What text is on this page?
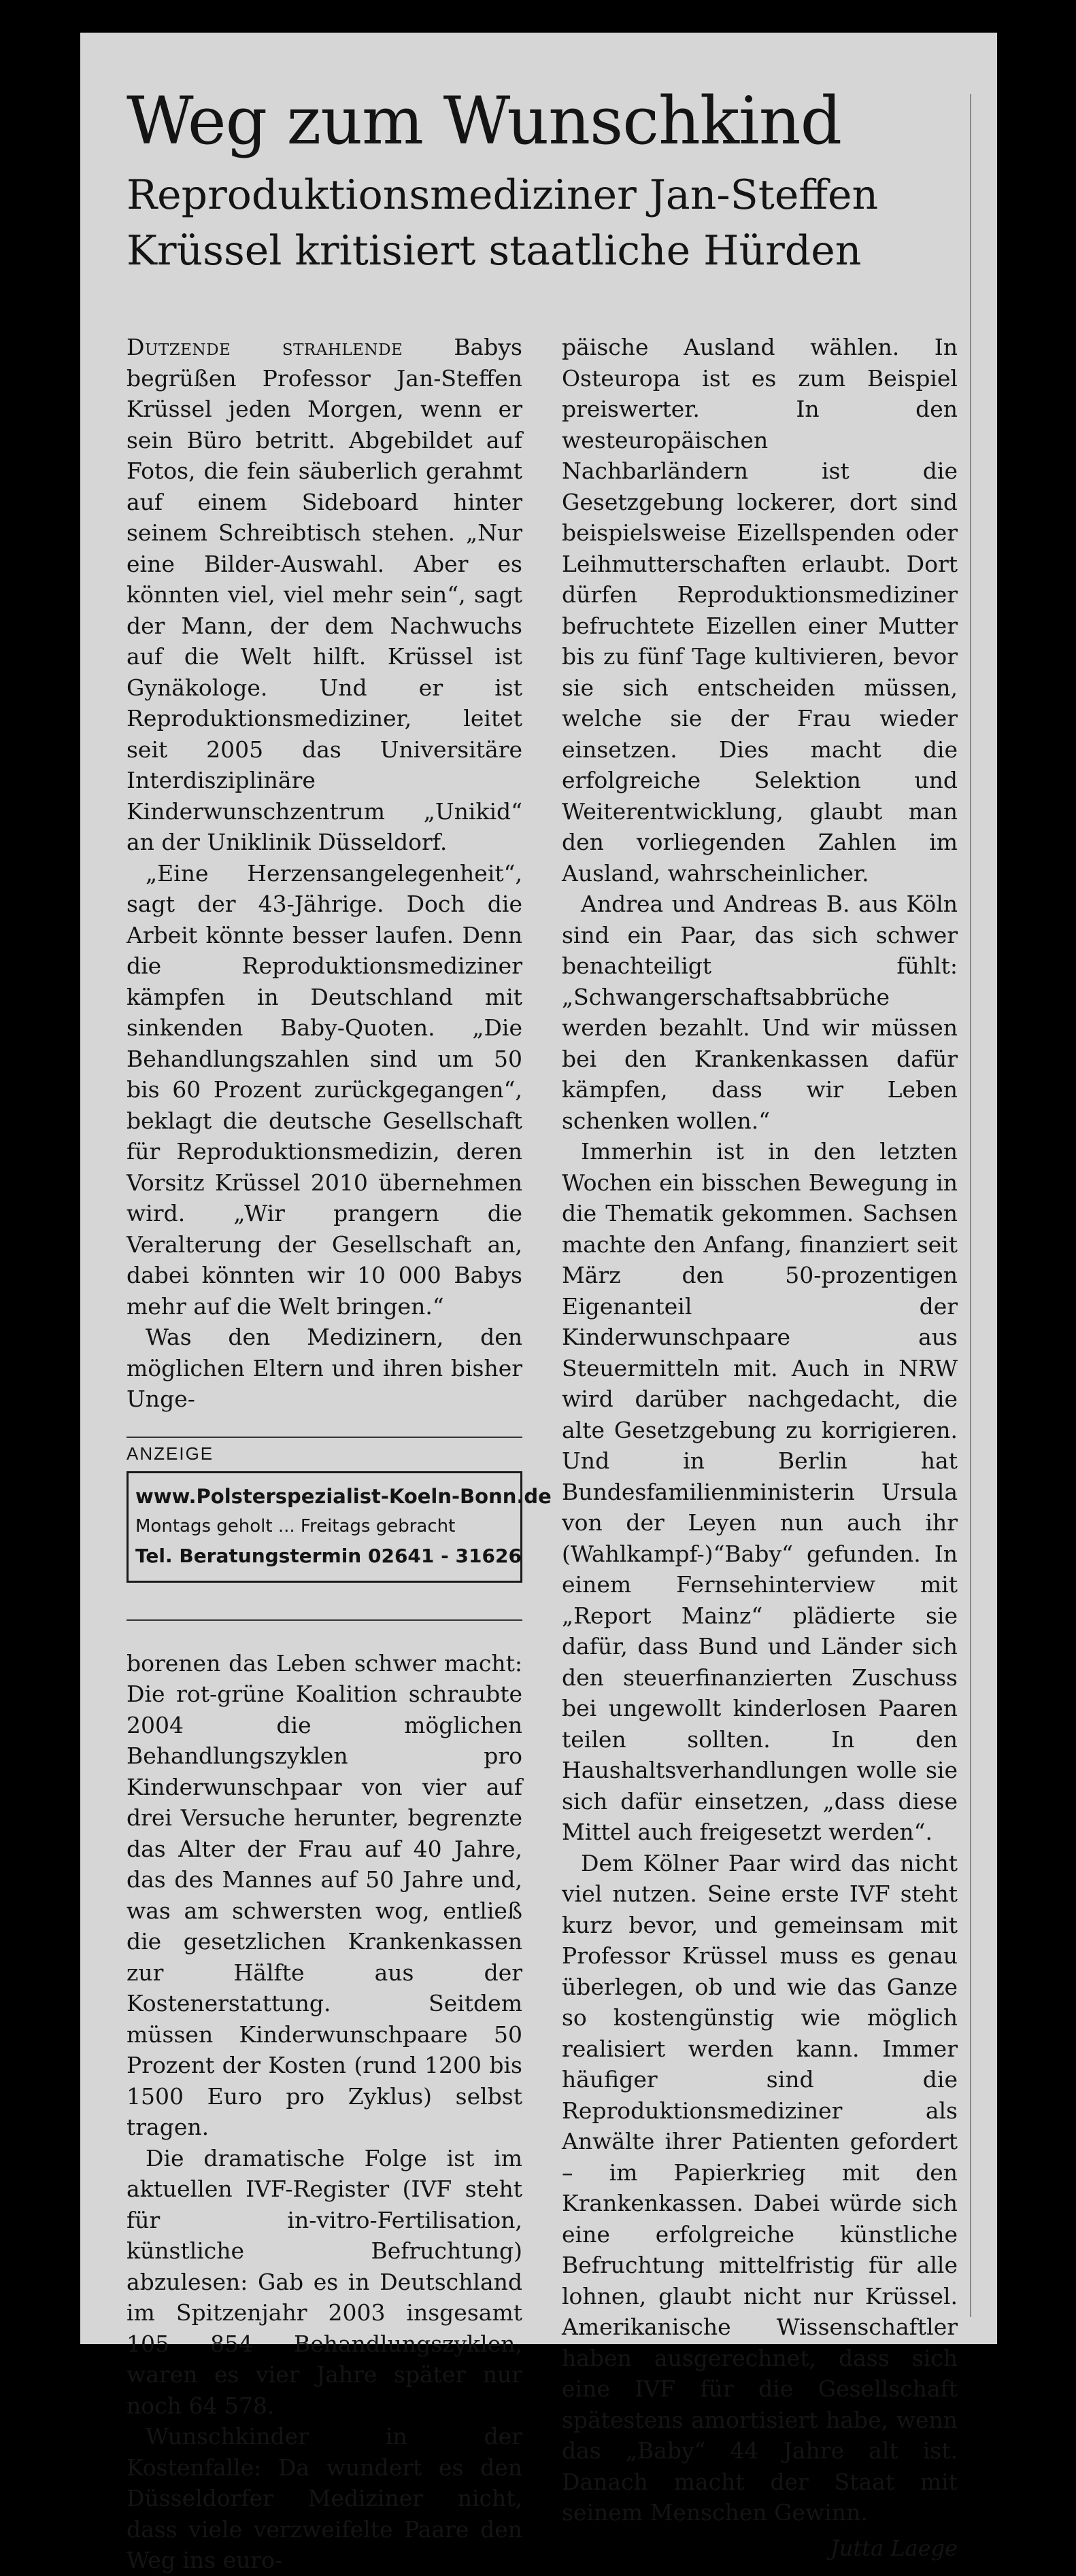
Weg zum Wunschkind
Reproduktionsmediziner Jan-Steffen
Krüssel kritisiert staatliche Hürden

Dutzende strahlende Babys begrüßen Professor Jan-Steffen Krüssel jeden Morgen, wenn er sein Büro betritt. Abgebildet auf Fotos, die fein säuberlich gerahmt auf einem Sideboard hinter seinem Schreibtisch stehen. „Nur eine Bilder-Auswahl. Aber es könnten viel, viel mehr sein“, sagt der Mann, der dem Nachwuchs auf die Welt hilft. Krüssel ist Gynäkologe. Und er ist Reproduktionsmediziner, leitet seit 2005 das Universitäre Interdisziplinäre Kinderwunschzentrum „Unikid“ an der Uniklinik Düsseldorf.

„Eine Herzensangelegenheit“, sagt der 43-Jährige. Doch die Arbeit könnte besser laufen. Denn die Reproduktionsmediziner kämpfen in Deutschland mit sinkenden Baby-Quoten. „Die Behandlungszahlen sind um 50 bis 60 Prozent zurückgegangen“, beklagt die deutsche Gesellschaft für Reproduktionsmedizin, deren Vorsitz Krüssel 2010 übernehmen wird. „Wir prangern die Veralterung der Gesellschaft an, dabei könnten wir 10 000 Babys mehr auf die Welt bringen.“

Was den Medizinern, den möglichen Eltern und ihren bisher Unge-

ANZEIGE
www.Polsterspezialist-Koeln-Bonn.de
Montags geholt ... Freitags gebracht
Tel. Beratungstermin 02641 - 31626

borenen das Leben schwer macht: Die rot-grüne Koalition schraubte 2004 die möglichen Behandlungszyklen pro Kinderwunschpaar von vier auf drei Versuche herunter, begrenzte das Alter der Frau auf 40 Jahre, das des Mannes auf 50 Jahre und, was am schwersten wog, entließ die gesetzlichen Krankenkassen zur Hälfte aus der Kostenerstattung. Seitdem müssen Kinderwunschpaare 50 Prozent der Kosten (rund 1200 bis 1500 Euro pro Zyklus) selbst tragen.

Die dramatische Folge ist im aktuellen IVF-Register (IVF steht für in-vitro-Fertilisation, künstliche Befruchtung) abzulesen: Gab es in Deutschland im Spitzenjahr 2003 insgesamt 105 854 Behandlungszyklen, waren es vier Jahre später nur noch 64 578.

Wunschkinder in der Kostenfalle: Da wundert es den Düsseldorfer Mediziner nicht, dass viele verzweifelte Paare den Weg ins euro-

päische Ausland wählen. In Osteuropa ist es zum Beispiel preiswerter. In den westeuropäischen Nachbarländern ist die Gesetzgebung lockerer, dort sind beispielsweise Eizellspenden oder Leihmutterschaften erlaubt. Dort dürfen Reproduktionsmediziner befruchtete Eizellen einer Mutter bis zu fünf Tage kultivieren, bevor sie sich entscheiden müssen, welche sie der Frau wieder einsetzen. Dies macht die erfolgreiche Selektion und Weiterentwicklung, glaubt man den vorliegenden Zahlen im Ausland, wahrscheinlicher.

Andrea und Andreas B. aus Köln sind ein Paar, das sich schwer benachteiligt fühlt: „Schwangerschaftsabbrüche werden bezahlt. Und wir müssen bei den Krankenkassen dafür kämpfen, dass wir Leben schenken wollen.“

Immerhin ist in den letzten Wochen ein bisschen Bewegung in die Thematik gekommen. Sachsen machte den Anfang, finanziert seit März den 50-prozentigen Eigenanteil der Kinderwunschpaare aus Steuermitteln mit. Auch in NRW wird darüber nachgedacht, die alte Gesetzgebung zu korrigieren. Und in Berlin hat Bundesfamilienministerin Ursula von der Leyen nun auch ihr (Wahlkampf-)“Baby“ gefunden. In einem Fernsehinterview mit „Report Mainz“ plädierte sie dafür, dass Bund und Länder sich den steuerfinanzierten Zuschuss bei ungewollt kinderlosen Paaren teilen sollten. In den Haushaltsverhandlungen wolle sie sich dafür einsetzen, „dass diese Mittel auch freigesetzt werden“.

Dem Kölner Paar wird das nicht viel nutzen. Seine erste IVF steht kurz bevor, und gemeinsam mit Professor Krüssel muss es genau überlegen, ob und wie das Ganze so kostengünstig wie möglich realisiert werden kann. Immer häufiger sind die Reproduktionsmediziner als Anwälte ihrer Patienten gefordert – im Papierkrieg mit den Krankenkassen. Dabei würde sich eine erfolgreiche künstliche Befruchtung mittelfristig für alle lohnen, glaubt nicht nur Krüssel. Amerikanische Wissenschaftler haben ausgerechnet, dass sich eine IVF für die Gesellschaft spätestens amortisiert habe, wenn das „Baby“ 44 Jahre alt ist. Danach macht der Staat mit seinem Menschen Gewinn.

Jutta Laege
